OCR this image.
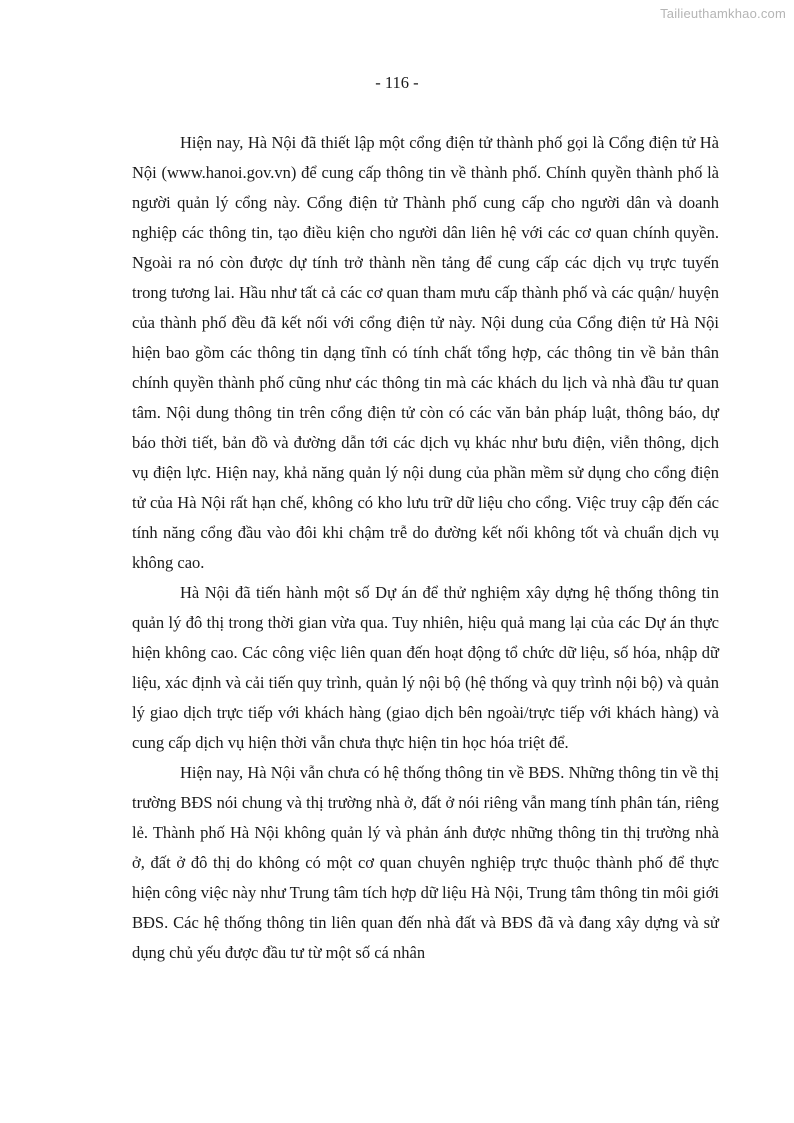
Tailieuthamkhao.com
- 116 -

Hiện nay, Hà Nội đã thiết lập một cổng điện tử thành phố gọi là Cổng điện tử Hà Nội (www.hanoi.gov.vn) để cung cấp thông tin về thành phố. Chính quyền thành phố là người quản lý cổng này. Cổng điện tử Thành phố cung cấp cho người dân và doanh nghiệp các thông tin, tạo điều kiện cho người dân liên hệ với các cơ quan chính quyền. Ngoài ra nó còn được dự tính trở thành nền tảng để cung cấp các dịch vụ trực tuyến trong tương lai. Hầu như tất cả các cơ quan tham mưu cấp thành phố và các quận/ huyện của thành phố đều đã kết nối với cổng điện tử này. Nội dung của Cổng điện tử Hà Nội hiện bao gồm các thông tin dạng tĩnh có tính chất tổng hợp, các thông tin về bản thân chính quyền thành phố cũng như các thông tin mà các khách du lịch và nhà đầu tư quan tâm. Nội dung thông tin trên cổng điện tử còn có các văn bản pháp luật, thông báo, dự báo thời tiết, bản đồ và đường dẫn tới các dịch vụ khác như bưu điện, viễn thông, dịch vụ điện lực. Hiện nay, khả năng quản lý nội dung của phần mềm sử dụng cho cổng điện tử của Hà Nội rất hạn chế, không có kho lưu trữ dữ liệu cho cổng. Việc truy cập đến các tính năng cổng đầu vào đôi khi chậm trễ do đường kết nối không tốt và chuẩn dịch vụ không cao.

Hà Nội đã tiến hành một số Dự án để thử nghiệm xây dựng hệ thống thông tin quản lý đô thị trong thời gian vừa qua. Tuy nhiên, hiệu quả mang lại của các Dự án thực hiện không cao. Các công việc liên quan đến hoạt động tổ chức dữ liệu, số hóa, nhập dữ liệu, xác định và cải tiến quy trình, quản lý nội bộ (hệ thống và quy trình nội bộ) và quản lý giao dịch trực tiếp với khách hàng (giao dịch bên ngoài/trực tiếp với khách hàng) và cung cấp dịch vụ hiện thời vẫn chưa thực hiện tin học hóa triệt để.

Hiện nay, Hà Nội vẫn chưa có hệ thống thông tin về BĐS. Những thông tin về thị trường BĐS nói chung và thị trường nhà ở, đất ở nói riêng vẫn mang tính phân tán, riêng lẻ. Thành phố Hà Nội không quản lý và phản ánh được những thông tin thị trường nhà ở, đất ở đô thị do không có một cơ quan chuyên nghiệp trực thuộc thành phố để thực hiện công việc này như Trung tâm tích hợp dữ liệu Hà Nội, Trung tâm thông tin môi giới BĐS. Các hệ thống thông tin liên quan đến nhà đất và BĐS đã và đang xây dựng và sử dụng chủ yếu được đầu tư từ một số cá nhân
